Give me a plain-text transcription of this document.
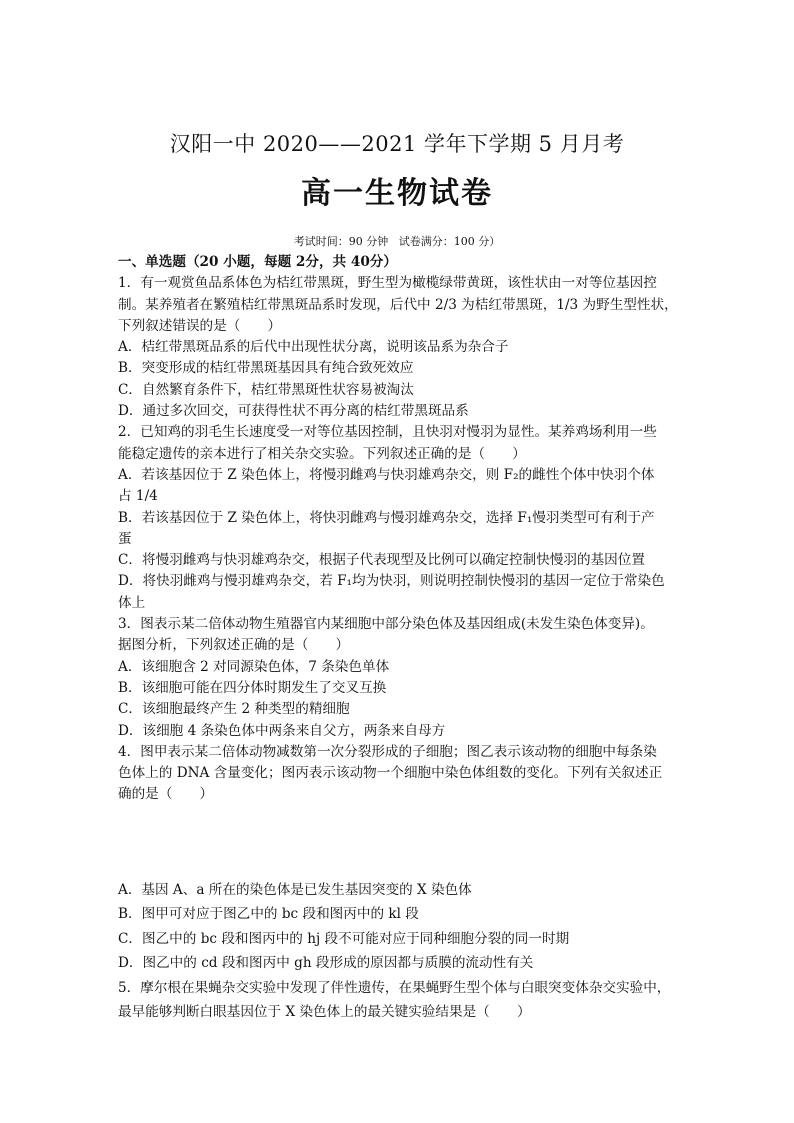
汉阳一中 2020——2021 学年下学期 5 月月考
高一生物试卷
考试时间：90 分钟   试卷满分：100 分）
一、单选题（20 小题，每题 2分，共 40分）
1．有一观赏鱼品系体色为桔红带黑斑，野生型为橄榄绿带黄斑，该性状由一对等位基因控
制。某养殖者在繁殖桔红带黑斑品系时发现，后代中 2/3 为桔红带黑斑，1/3 为野生型性状，
下列叙述错误的是（　　）
A．桔红带黑斑品系的后代中出现性状分离，说明该品系为杂合子
B．突变形成的桔红带黑斑基因具有纯合致死效应
C．自然繁育条件下，桔红带黑斑性状容易被淘汰
D．通过多次回交，可获得性状不再分离的桔红带黑斑品系
2．已知鸡的羽毛生长速度受一对等位基因控制，且快羽对慢羽为显性。某养鸡场利用一些
能稳定遗传的亲本进行了相关杂交实验。下列叙述正确的是（　　）
A．若该基因位于 Z 染色体上，将慢羽雌鸡与快羽雄鸡杂交，则 F₂的雌性个体中快羽个体
占 1/4
B．若该基因位于 Z 染色体上，将快羽雌鸡与慢羽雄鸡杂交，选择 F₁慢羽类型可有利于产
蛋
C．将慢羽雌鸡与快羽雄鸡杂交，根据子代表现型及比例可以确定控制快慢羽的基因位置
D．将快羽雌鸡与慢羽雄鸡杂交，若 F₁均为快羽，则说明控制快慢羽的基因一定位于常染色
体上
3．图表示某二倍体动物生殖器官内某细胞中部分染色体及基因组成(未发生染色体变异)。
据图分析，下列叙述正确的是（　　）
A．该细胞含 2 对同源染色体，7 条染色单体
B．该细胞可能在四分体时期发生了交叉互换
C．该细胞最终产生 2 种类型的精细胞
D．该细胞 4 条染色体中两条来自父方，两条来自母方
4．图甲表示某二倍体动物减数第一次分裂形成的子细胞；图乙表示该动物的细胞中每条染
色体上的 DNA 含量变化；图丙表示该动物一个细胞中染色体组数的变化。下列有关叙述正
确的是（　　）
A．基因 A、a 所在的染色体是已发生基因突变的 X 染色体
B．图甲可对应于图乙中的 bc 段和图丙中的 kl 段
C．图乙中的 bc 段和图丙中的 hj 段不可能对应于同种细胞分裂的同一时期
D．图乙中的 cd 段和图丙中 gh 段形成的原因都与质膜的流动性有关
5．摩尔根在果蝇杂交实验中发现了伴性遗传，在果蝇野生型个体与白眼突变体杂交实验中，
最早能够判断白眼基因位于 X 染色体上的最关键实验结果是（　　）
